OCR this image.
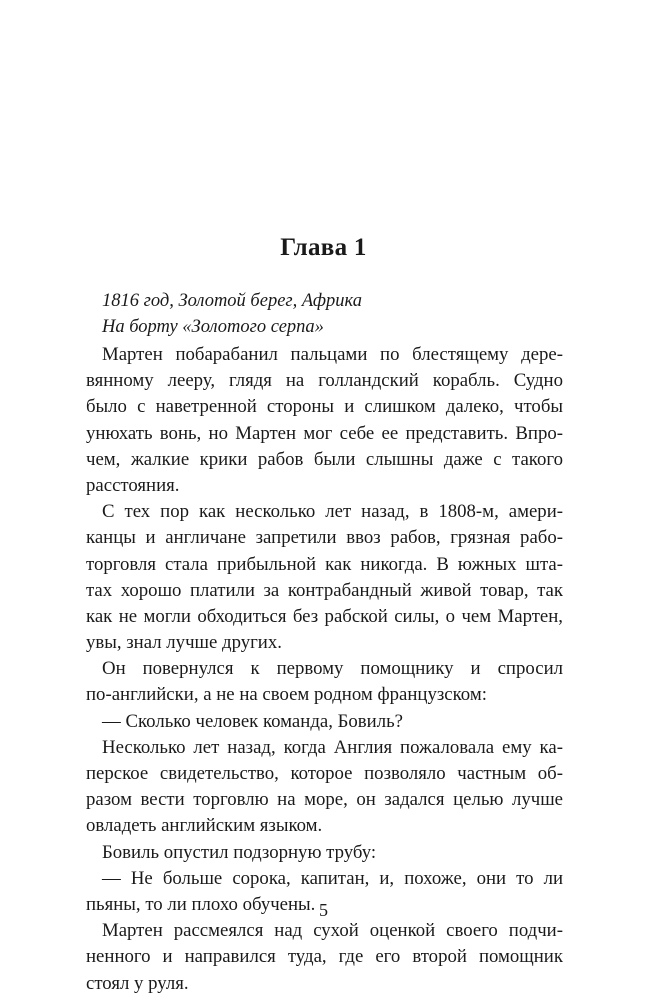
Глава 1
1816 год, Золотой берег, Африка
На борту «Золотого серпа»
Мартен побарабанил пальцами по блестящему дере-
вянному лееру, глядя на голландский корабль. Судно
было с наветренной стороны и слишком далеко, чтобы
унюхать вонь, но Мартен мог себе ее представить. Впро-
чем, жалкие крики рабов были слышны даже с такого
расстояния.
С тех пор как несколько лет назад, в 1808-м, амери-
канцы и англичане запретили ввоз рабов, грязная рабо-
торговля стала прибыльной как никогда. В южных шта-
тах хорошо платили за контрабандный живой товар, так
как не могли обходиться без рабской силы, о чем Мартен,
увы, знал лучше других.
Он повернулся к первому помощнику и спросил
по-английски, а не на своем родном французском:
— Сколько человек команда, Бовиль?
Несколько лет назад, когда Англия пожаловала ему ка-
перское свидетельство, которое позволяло частным об-
разом вести торговлю на море, он задался целью лучше
овладеть английским языком.
Бовиль опустил подзорную трубу:
— Не больше сорока, капитан, и, похоже, они то ли
пьяны, то ли плохо обучены.
Мартен рассмеялся над сухой оценкой своего подчи-
ненного и направился туда, где его второй помощник
стоял у руля.
5
